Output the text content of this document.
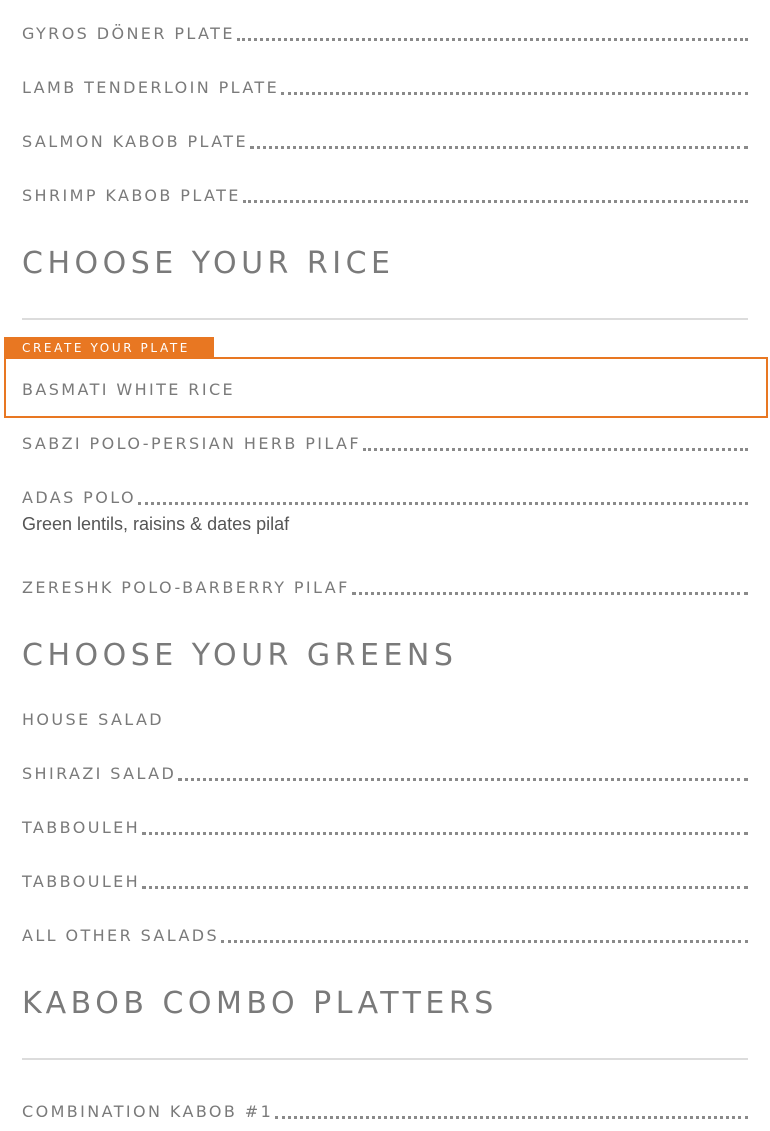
GYROS DÖNER PLATE
LAMB TENDERLOIN PLATE
SALMON KABOB PLATE
SHRIMP KABOB PLATE
CHOOSE YOUR RICE
CREATE YOUR PLATE
BASMATI WHITE RICE
SABZI POLO-PERSIAN HERB PILAF
ADAS POLO
Green lentils, raisins & dates pilaf
ZERESHK POLO-BARBERRY PILAF
CHOOSE YOUR GREENS
HOUSE SALAD
SHIRAZI SALAD
TABBOULEH
TABBOULEH
ALL OTHER SALADS
KABOB COMBO PLATTERS
COMBINATION KABOB #1
